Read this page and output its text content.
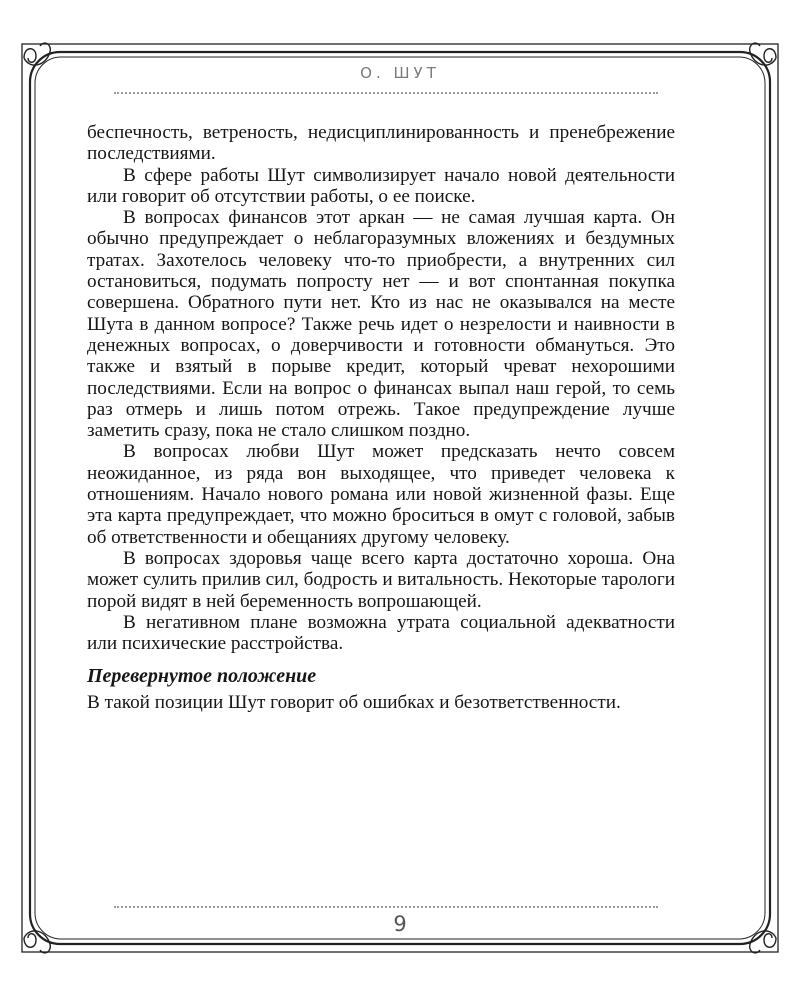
О. ШУТ

беспечность, ветреность, недисциплинированность и пренебрежение последствиями.

В сфере работы Шут символизирует начало новой деятельности или говорит об отсутствии работы, о ее поиске.

В вопросах финансов этот аркан — не самая лучшая карта. Он обычно предупреждает о неблагоразумных вложениях и бездумных тратах. Захотелось человеку что-то приобрести, а внутренних сил остановиться, подумать попросту нет — и вот спонтанная покупка совершена. Обратного пути нет. Кто из нас не оказывался на месте Шута в данном вопросе? Также речь идет о незрелости и наивности в денежных вопросах, о доверчивости и готовности обмануться. Это также и взятый в порыве кредит, который чреват нехорошими последствиями. Если на вопрос о финансах выпал наш герой, то семь раз отмерь и лишь потом отрежь. Такое предупреждение лучше заметить сразу, пока не стало слишком поздно.

В вопросах любви Шут может предсказать нечто совсем неожиданное, из ряда вон выходящее, что приведет человека к отношениям. Начало нового романа или новой жизненной фазы. Еще эта карта предупреждает, что можно броситься в омут с головой, забыв об ответственности и обещаниях другому человеку.

В вопросах здоровья чаще всего карта достаточно хороша. Она может сулить прилив сил, бодрость и витальность. Некоторые тарологи порой видят в ней беременность вопрошающей.

В негативном плане возможна утрата социальной адекватности или психические расстройства.

Перевернутое положение

В такой позиции Шут говорит об ошибках и безответственности.

9
